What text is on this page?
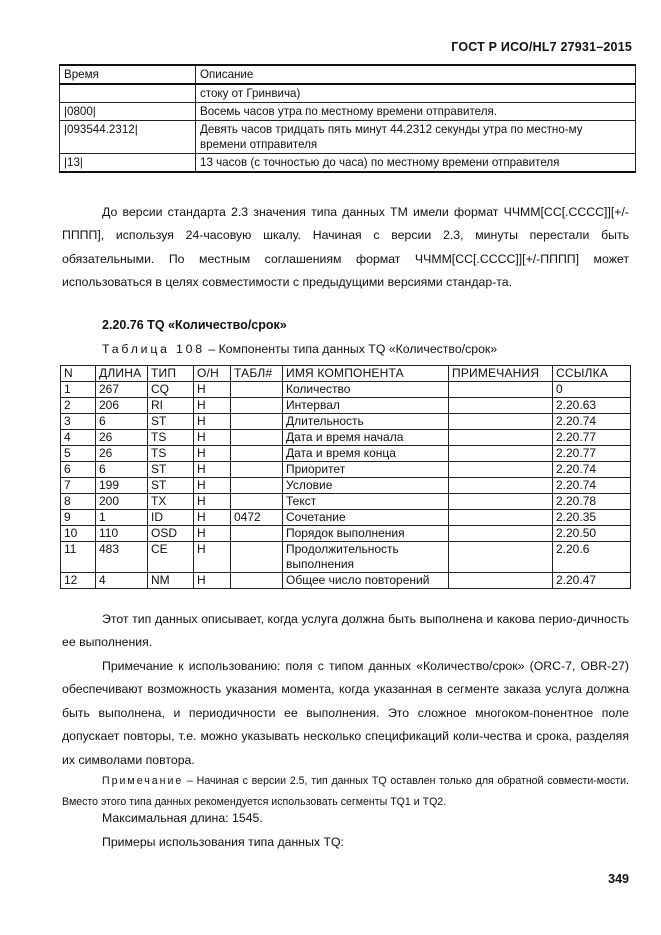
ГОСТ Р ИСО/HL7 27931–2015
Время	Описание
	стоку от Гринвича)
|0800|	Восемь часов утра по местному времени отправителя.
|093544.2312|	Девять часов тридцать пять минут 44.2312 секунды утра по местно-му времени отправителя
|13|	13 часов (с точностью до часа) по местному времени отправителя
До версии стандарта 2.3 значения типа данных TM имели формат ЧЧММ[СС[.СССС]][+/-ПППП], используя 24-часовую шкалу. Начиная с версии 2.3, минуты перестали быть обязательными. По местным соглашениям формат ЧЧММ[СС[.СССС]][+/-ПППП] может использоваться в целях совместимости с предыдущими версиями стандар-та.
2.20.76 TQ «Количество/срок»
Таблица 108 – Компоненты типа данных TQ «Количество/срок»
N	ДЛИНА	ТИП	О/Н	ТАБЛ#	ИМЯ КОМПОНЕНТА	ПРИМЕЧАНИЯ	ССЫЛКА
1	267	CQ	Н		Количество		0
2	206	RI	Н		Интервал		2.20.63
3	6	ST	Н		Длительность		2.20.74
4	26	TS	Н		Дата и время начала		2.20.77
5	26	TS	Н		Дата и время конца		2.20.77
6	6	ST	Н		Приоритет		2.20.74
7	199	ST	Н		Условие		2.20.74
8	200	TX	Н		Текст		2.20.78
9	1	ID	Н	0472	Сочетание		2.20.35
10	110	OSD	Н		Порядок выполнения		2.20.50
11	483	CE	Н		Продолжительность выполнения		2.20.6
12	4	NM	Н		Общее число повторений		2.20.47
Этот тип данных описывает, когда услуга должна быть выполнена и какова перио-дичность ее выполнения.
Примечание к использованию: поля с типом данных «Количество/срок» (ORC-7, OBR-27) обеспечивают возможность указания момента, когда указанная в сегменте заказа услуга должна быть выполнена, и периодичности ее выполнения. Это сложное многоком-понентное поле допускает повторы, т.е. можно указывать несколько спецификаций коли-чества и срока, разделяя их символами повтора.
Примечание – Начиная с версии 2.5, тип данных TQ оставлен только для обратной совмести-мости. Вместо этого типа данных рекомендуется использовать сегменты TQ1 и TQ2.
Максимальная длина: 1545.
Примеры использования типа данных TQ:
349
